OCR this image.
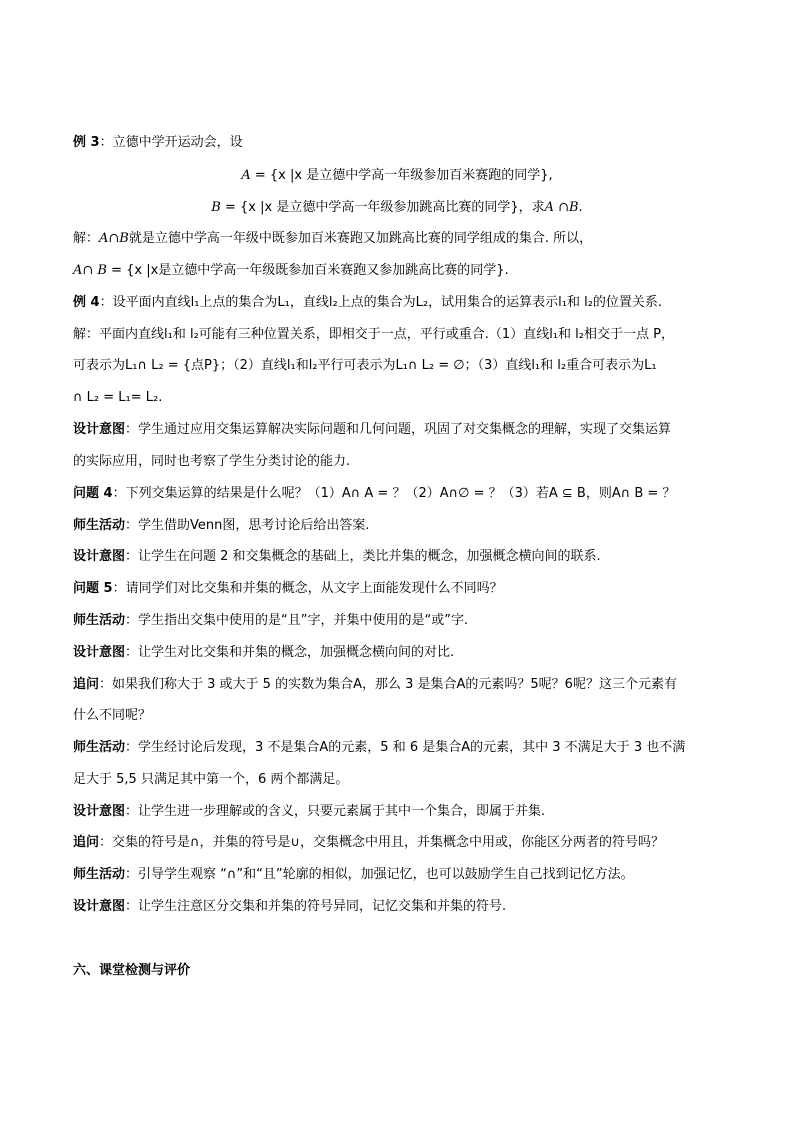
例 3：立德中学开运动会，设
A = {x |x 是立德中学高一年级参加百米赛跑的同学},
B = {x |x 是立德中学高一年级参加跳高比赛的同学}，求A ∩B.
解：A∩B就是立德中学高一年级中既参加百米赛跑又加跳高比赛的同学组成的集合. 所以，
A∩ B = {x |x是立德中学高一年级既参加百米赛跑又参加跳高比赛的同学}.
例 4：设平面内直线l₁上点的集合为L₁，直线l₂上点的集合为L₂，试用集合的运算表示l₁和 l₂的位置关系.
解：平面内直线l₁和 l₂可能有三种位置关系，即相交于一点，平行或重合.（1）直线l₁和 l₂相交于一点 P，
可表示为L₁∩ L₂ = {点P}；（2）直线l₁和l₂平行可表示为L₁∩ L₂ = ∅；（3）直线l₁和 l₂重合可表示为L₁
∩ L₂ = L₁= L₂.
设计意图：学生通过应用交集运算解决实际问题和几何问题，巩固了对交集概念的理解，实现了交集运算
的实际应用，同时也考察了学生分类讨论的能力.
问题 4：下列交集运算的结果是什么呢？（1）A∩ A = ？（2）A∩∅ = ？（3）若A ⊆ B，则A∩ B = ？
师生活动：学生借助Venn图，思考讨论后给出答案.
设计意图：让学生在问题 2 和交集概念的基础上，类比并集的概念，加强概念横向间的联系.
问题 5：请同学们对比交集和并集的概念，从文字上面能发现什么不同吗？
师生活动：学生指出交集中使用的是“且”字，并集中使用的是“或”字.
设计意图：让学生对比交集和并集的概念，加强概念横向间的对比.
追问：如果我们称大于 3 或大于 5 的实数为集合A，那么 3 是集合A的元素吗？5呢？6呢？这三个元素有
什么不同呢？
师生活动：学生经讨论后发现，3 不是集合A的元素，5 和 6 是集合A的元素，其中 3 不满足大于 3 也不满
足大于 5,5 只满足其中第一个，6 两个都满足。
设计意图：让学生进一步理解或的含义，只要元素属于其中一个集合，即属于并集.
追问：交集的符号是∩，并集的符号是∪，交集概念中用且，并集概念中用或，你能区分两者的符号吗？
师生活动：引导学生观察 “∩”和“且”轮廓的相似，加强记忆，也可以鼓励学生自己找到记忆方法。
设计意图：让学生注意区分交集和并集的符号异同，记忆交集和并集的符号.
六、课堂检测与评价
